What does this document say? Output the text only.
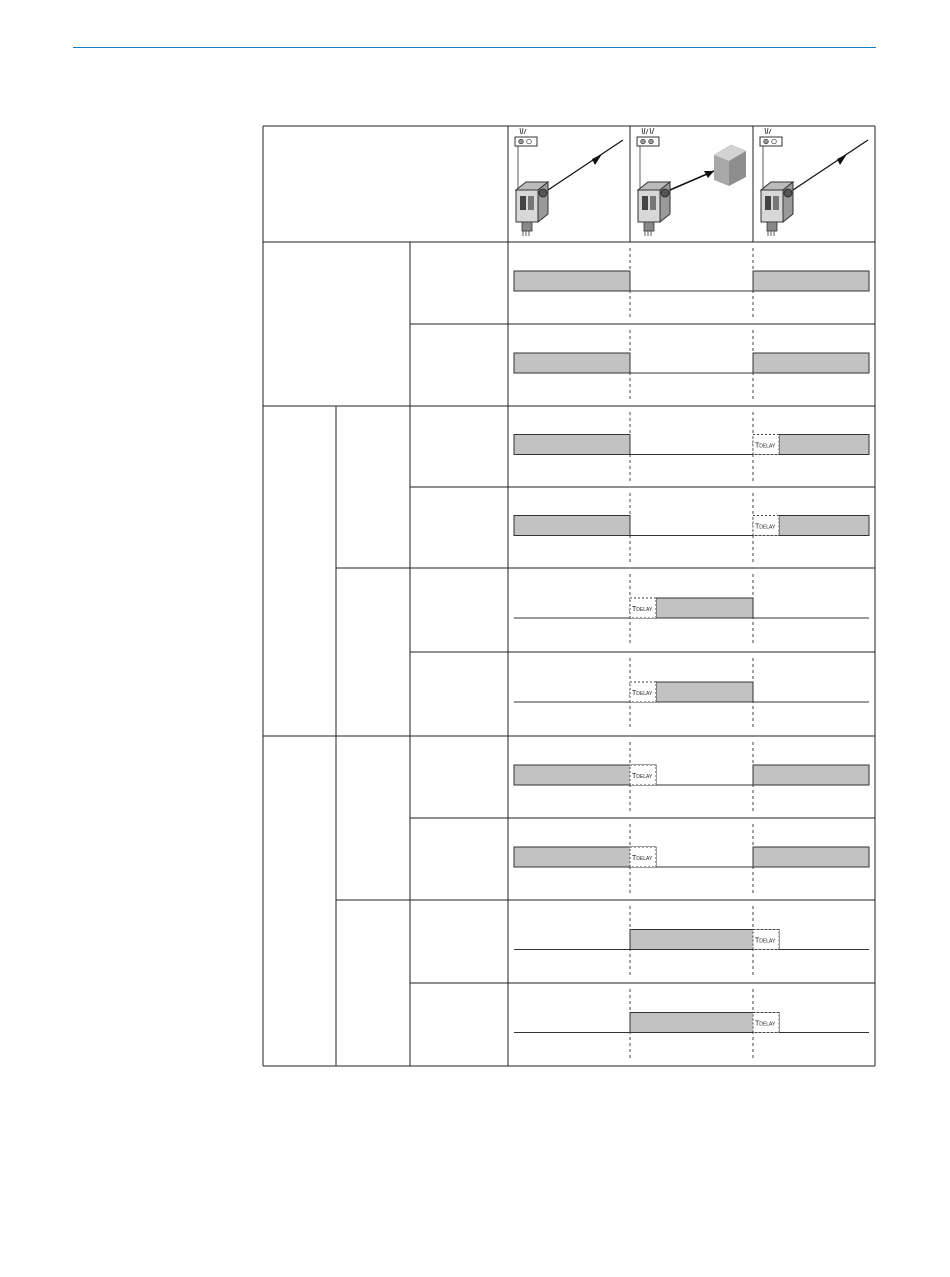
TDELAY
TDELAY
TDELAY
TDELAY
TDELAY
TDELAY
TDELAY
TDELAY
